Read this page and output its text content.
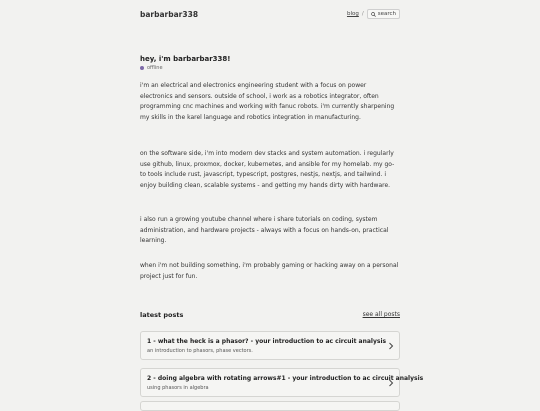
barbarbar338	blog /	search
hey, i'm barbarbar338!
offline

i'm an electrical and electronics engineering student with a focus on power electronics and sensors. outside of school, i work as a robotics integrator, often programming cnc machines and working with fanuc robots. i'm currently sharpening my skills in the karel language and robotics integration in manufacturing.

on the software side, i'm into modern dev stacks and system automation. i regularly use github, linux, proxmox, docker, kubernetes, and ansible for my homelab. my go-to tools include rust, javascript, typescript, postgres, nestjs, nextjs, and tailwind. i enjoy building clean, scalable systems - and getting my hands dirty with hardware.

i also run a growing youtube channel where i share tutorials on coding, system administration, and hardware projects - always with a focus on hands-on, practical learning.

when i'm not building something, i'm probably gaming or hacking away on a personal project just for fun.

latest posts	see all posts
1 - what the heck is a phasor? - your introduction to ac circuit analysis
an introduction to phasors, phase vectors.
2 - doing algebra with rotating arrows#1 - your introduction to ac circuit analysis
using phasors in algebra
